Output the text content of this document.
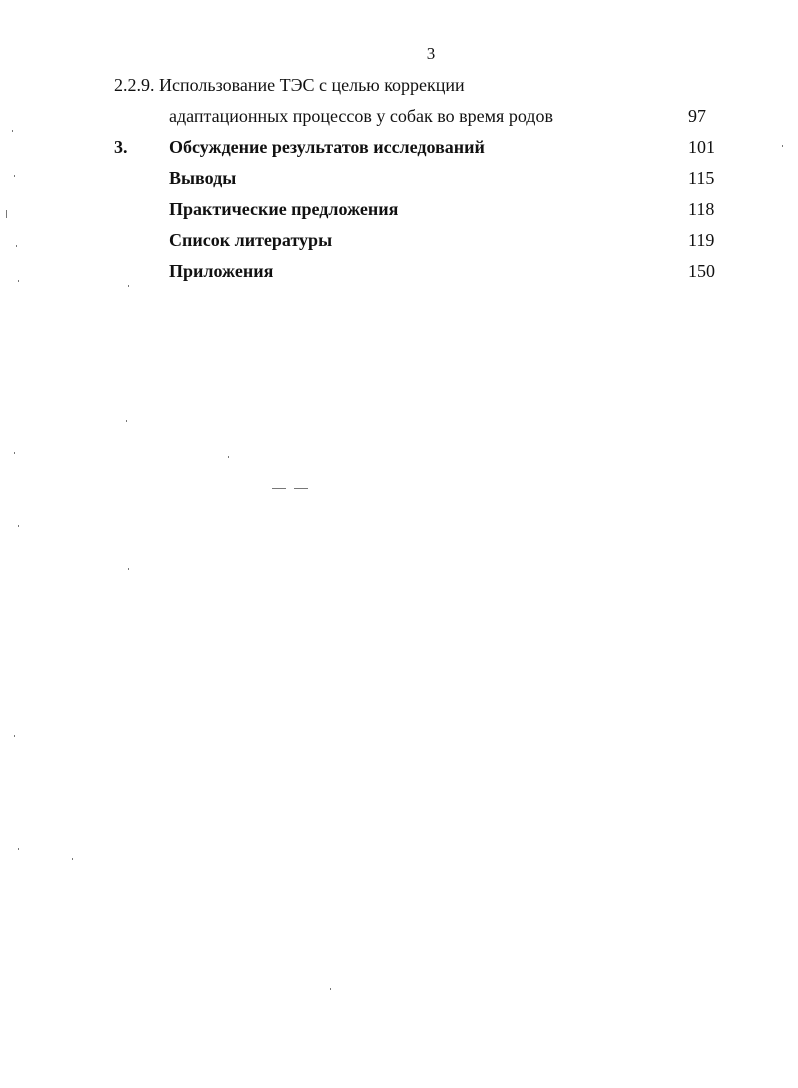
3
2.2.9. Использование ТЭС с целью коррекции
адаптационных процессов у собак во время родов	97
3. Обсуждение результатов исследований	101
Выводы	115
Практические предложения	118
Список литературы	119
Приложения	150
